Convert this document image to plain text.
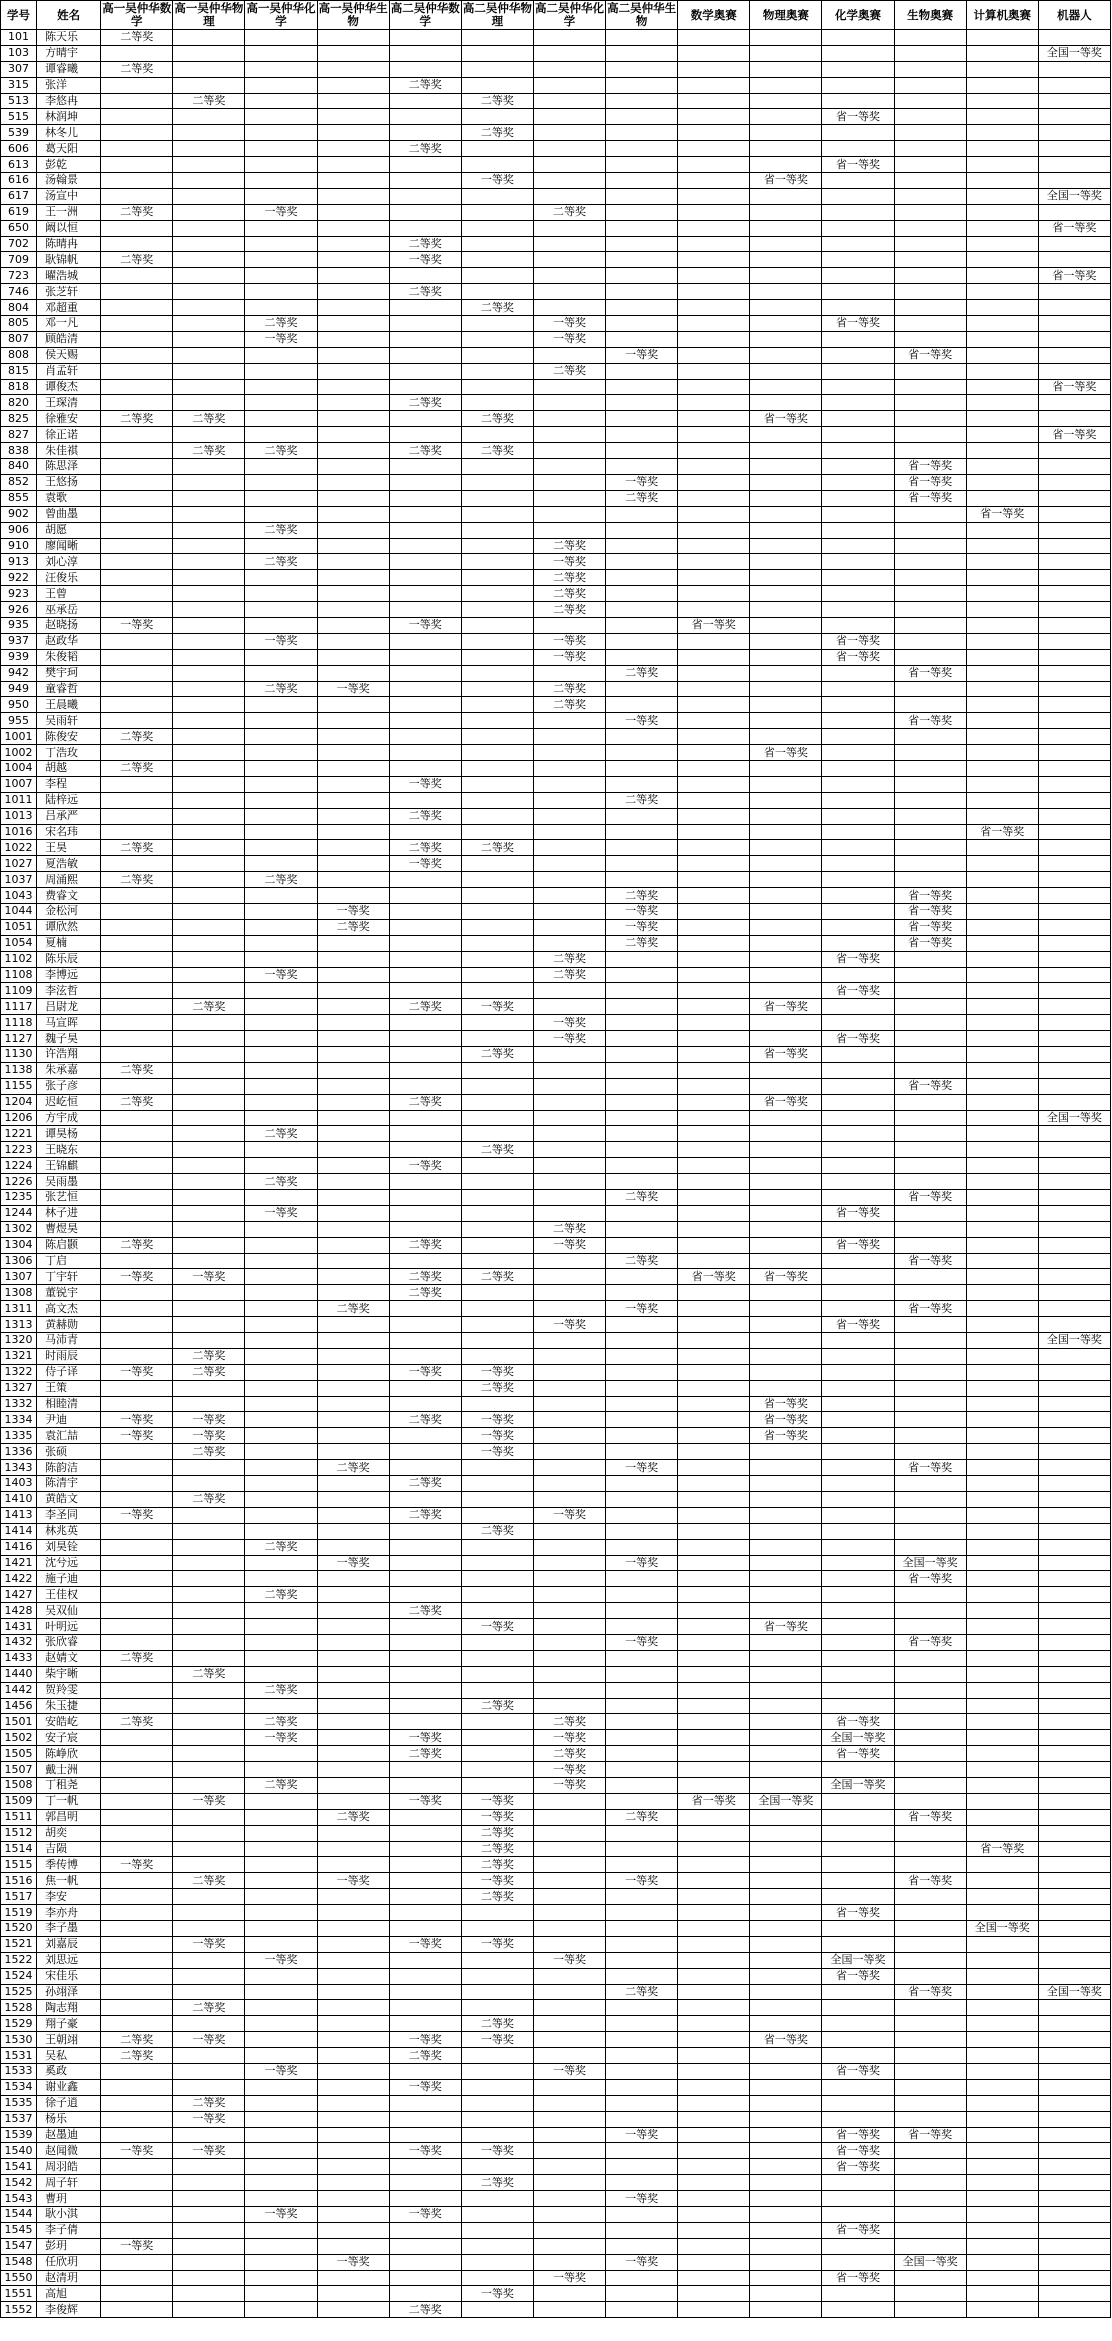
学号	姓名	高一吴仲华数学	高一吴仲华物理	高一吴仲华化学	高一吴仲华生物	高二吴仲华数学	高二吴仲华物理	高二吴仲华化学	高二吴仲华生物	数学奥赛	物理奥赛	化学奥赛	生物奥赛	计算机奥赛	机器人
101	陈天乐	二等奖													
103	方晴宇														全国一等奖
307	谭睿曦	二等奖													
315	张洋					二等奖									
513	李悠冉		二等奖				二等奖								
515	林润坤											省一等奖			
539	林冬儿						二等奖								
606	葛天阳					二等奖									
613	彭乾											省一等奖			
616	汤翰景						一等奖				省一等奖				
617	汤宣中														全国一等奖
619	王一洲	二等奖		一等奖				二等奖							
650	阚以恒														省一等奖
702	陈晴冉					二等奖									
709	耿锦帆	二等奖				一等奖									
723	曜浩城														省一等奖
746	张芝轩					二等奖									
804	邓超重						二等奖								
805	邓一凡			二等奖				一等奖				省一等奖			
807	顾皓清			一等奖				一等奖							
808	侯天赐								一等奖				省一等奖		
815	肖孟轩							二等奖							
818	谭俊杰														省一等奖
820	王琛清					二等奖									
825	徐雅安	二等奖	二等奖				二等奖				省一等奖				
827	徐正诺														省一等奖
838	朱佳祺		二等奖	二等奖		二等奖	二等奖								
840	陈思泽												省一等奖		
852	王悠扬								一等奖				省一等奖		
855	袁歌								二等奖				省一等奖		
902	曾曲墨													省一等奖	
906	胡愿			二等奖											
910	廖闻晰							二等奖							
913	刘心淳			二等奖				一等奖							
922	汪俊乐							二等奖							
923	王曾							二等奖							
926	巫承岳							二等奖							
935	赵晓扬	一等奖				一等奖				省一等奖					
937	赵政华			一等奖				一等奖				省一等奖			
939	朱俊韬							一等奖				省一等奖			
942	樊宇珂								二等奖				省一等奖		
949	童睿哲			二等奖	一等奖			二等奖							
950	王晨曦							二等奖							
955	吴雨轩								一等奖				省一等奖		
1001	陈俊安	二等奖													
1002	丁浩玫										省一等奖				
1004	胡越	二等奖													
1007	李程					一等奖									
1011	陆梓远								二等奖						
1013	吕承严					二等奖									
1016	宋名玮													省一等奖	
1022	王昊	二等奖				二等奖	二等奖								
1027	夏浩敏					一等奖									
1037	周涌熙	二等奖		二等奖											
1043	费睿文								二等奖				省一等奖		
1044	金松河				一等奖				一等奖				省一等奖		
1051	谭欣然				二等奖				一等奖				省一等奖		
1054	夏楠								二等奖				省一等奖		
1102	陈乐辰							二等奖				省一等奖			
1108	李博远			一等奖				二等奖							
1109	李泫哲											省一等奖			
1117	吕尉龙		二等奖			二等奖	一等奖				省一等奖				
1118	马宣晖							一等奖							
1127	魏子昊							一等奖				省一等奖			
1130	许浩翔						二等奖				省一等奖				
1138	朱承嘉	二等奖													
1155	张子彦												省一等奖		
1204	迟屹恒	二等奖				二等奖					省一等奖				
1206	方宇成														全国一等奖
1221	谭昊杨			二等奖											
1223	王晓东						二等奖								
1224	王锦麒					一等奖									
1226	吴雨墨			二等奖											
1235	张艺恒								二等奖				省一等奖		
1244	林子进			一等奖								省一等奖			
1302	曹煜昊							二等奖							
1304	陈启颢	二等奖				二等奖		一等奖				省一等奖			
1306	丁启								二等奖				省一等奖		
1307	丁宇轩	一等奖	一等奖			二等奖	二等奖			省一等奖	省一等奖				
1308	董锐宇					二等奖									
1311	高文杰				二等奖				一等奖				省一等奖		
1313	黄赫勋							一等奖				省一等奖			
1320	马沛青														全国一等奖
1321	时雨辰		二等奖												
1322	侍子译	一等奖	二等奖			一等奖	一等奖								
1327	王策						二等奖								
1332	相睦清										省一等奖				
1334	尹迪	一等奖	一等奖			二等奖	一等奖				省一等奖				
1335	袁汇喆	一等奖	一等奖				一等奖				省一等奖				
1336	张硕		二等奖				一等奖								
1343	陈韵洁				二等奖				一等奖				省一等奖		
1403	陈清宇					二等奖									
1410	黄皓文		二等奖												
1413	李圣同	一等奖				二等奖		一等奖							
1414	林兆英						二等奖								
1416	刘昊铨			二等奖											
1421	沈兮远				一等奖				一等奖				全国一等奖		
1422	施子迪												省一等奖		
1427	王佳权			二等奖											
1428	吴双仙					二等奖									
1431	叶明远						一等奖				省一等奖				
1432	张欣睿								一等奖				省一等奖		
1433	赵婧文	二等奖													
1440	柴宇晰		二等奖												
1442	贺羚雯			二等奖											
1456	朱玉捷						二等奖								
1501	安皓屹	二等奖		二等奖				二等奖				省一等奖			
1502	安子宸			一等奖		一等奖		一等奖				全国一等奖			
1505	陈峥欣					二等奖		二等奖				省一等奖			
1507	戴士洲							一等奖							
1508	丁租尧			二等奖				一等奖				全国一等奖			
1509	丁一帆		一等奖			一等奖	一等奖			省一等奖	全国一等奖				
1511	郭昌明				二等奖		一等奖		二等奖				省一等奖		
1512	胡奕						二等奖								
1514	吉陨						二等奖							省一等奖	
1515	季传博	一等奖					二等奖								
1516	焦一帆		二等奖		一等奖		一等奖		一等奖				省一等奖		
1517	李安						二等奖								
1519	李亦舟											省一等奖			
1520	李子墨													全国一等奖	
1521	刘嘉辰		一等奖			一等奖	一等奖								
1522	刘思远			一等奖				一等奖				全国一等奖			
1524	宋佳乐											省一等奖			
1525	孙翊泽								二等奖				省一等奖		全国一等奖
1528	陶志翔		二等奖												
1529	翔子豪						二等奖								
1530	王朝翊	二等奖	一等奖			一等奖	一等奖				省一等奖				
1531	吴私	二等奖				二等奖									
1533	奚政			一等奖				一等奖				省一等奖			
1534	谢业鑫					一等奖									
1535	徐子逍		二等奖												
1537	杨乐		一等奖												
1539	赵墨迪								一等奖			省一等奖	省一等奖		
1540	赵闻微	一等奖	一等奖			一等奖	一等奖					省一等奖			
1541	周羽皓											省一等奖			
1542	周子轩						二等奖								
1543	曹玥								一等奖						
1544	耿小淇			一等奖		一等奖									
1545	李子倩											省一等奖			
1547	彭玥	一等奖													
1548	任欣玥				一等奖				一等奖				全国一等奖		
1550	赵清玥							一等奖				省一等奖			
1551	高旭						一等奖								
1552	李俊辉					二等奖									
